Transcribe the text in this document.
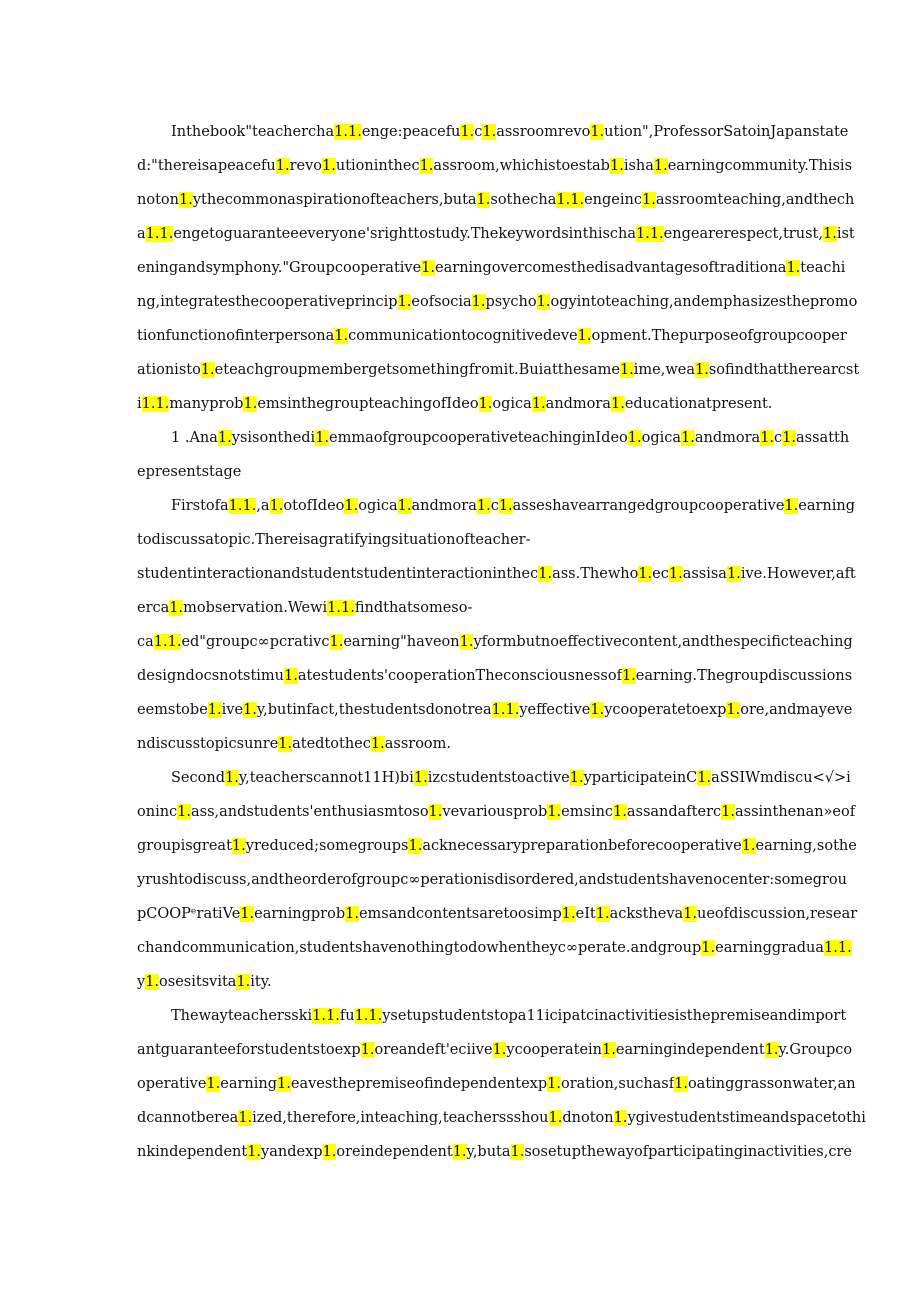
Inthebook"teachercha1.1.enge:peacefu1.c1.assroomrevo1.ution",ProfessorSatoinJapanstate
d:"thereisapeacefu1.revo1.utioninthec1.assroom,whichistoestab1.isha1.earningcommunity.Thisis
noton1.ythecommonaspirationofteachers,buta1.sothecha1.1.engeinc1.assroomteaching,andthech
a1.1.engetoguaranteeeveryone'srighttostudy.Thekeywordsinthischa1.1.engearerespect,trust,1.ist
eningandsymphony."Groupcooperative1.earningovercomesthedisadvantagesoftraditiona1.teachi
ng,integratesthecooperativeprincip1.eofsocia1.psycho1.ogyintoteaching,andemphasizesthepromo
tionfunctionofinterpersona1.communicationtocognitivedeve1.opment.Thepurposeofgroupcooper
ationisto1.eteachgroupmembergetsomethingfromit.Buiatthesame1.ime,wea1.sofindthattherearcst
i1.1.manyprob1.emsinthegroupteachingofIdeo1.ogica1.andmora1.educationatpresent.
1 .Ana1.ysisonthedi1.emmaofgroupcooperativeteachinginIdeo1.ogica1.andmora1.c1.assatth
epresentstage
Firstofa1.1.,a1.otofIdeo1.ogica1.andmora1.c1.asseshavearrangedgroupcooperative1.earning
todiscussatopic.Thereisagratifyingsituationofteacher-
studentinteractionandstudentstudentinteractioninthec1.ass.Thewho1.ec1.assisa1.ive.However,aft
erca1.mobservation.Wewi1.1.findthatsomeso-
ca1.1.ed"groupc∞pcrativc1.earning"haveon1.yformbutnoeffectivecontent,andthespecificteaching
designdocsnotstimu1.atestudents'cooperationTheconsciousnessof1.earning.Thegroupdiscussions
eemstobe1.ive1.y,butinfact,thestudentsdonotrea1.1.yeffective1.ycooperatetoexp1.ore,andmayeve
ndiscusstopicsunre1.atedtothec1.assroom.
Second1.y,teacherscannot11H)bi1.izcstudentstoactive1.yparticipateinC1.aSSIWmdiscu<√>i
oninc1.ass,andstudents'enthusiasmtoso1.vevariousprob1.emsinc1.assandafterc1.assinthenan»eof
groupisgreat1.yreduced;somegroups1.acknecessarypreparationbeforecooperative1.earning,sothe
yrushtodiscuss,andtheorderofgroupc∞perationisdisordered,andstudentshavenocenter:somegrou
pCOOPᵉratiVe1.earningprob1.emsandcontentsaretoosimp1.eIt1.ackstheva1.ueofdiscussion,resear
chandcommunication,studentshavenothingtodowhentheyc∞perate.andgroup1.earninggradua1.1.
y1.osesitsvita1.ity.
Thewayteachersski1.1.fu1.1.ysetupstudentstopa11icipatcinactivitiesisthepremiseandimport
antguaranteeforstudentstoexp1.oreandeft'eciive1.ycooperatein1.earningindependent1.y.Groupco
operative1.earning1.eavesthepremiseofindependentexp1.oration,suchasf1.oatinggrassonwater,an
dcannotberea1.ized,therefore,inteaching,teacherssshou1.dnoton1.ygivestudentstimeandspacetothi
nkindependent1.yandexp1.oreindependent1.y,buta1.sosetupthewayofparticipatinginactivities,cre
